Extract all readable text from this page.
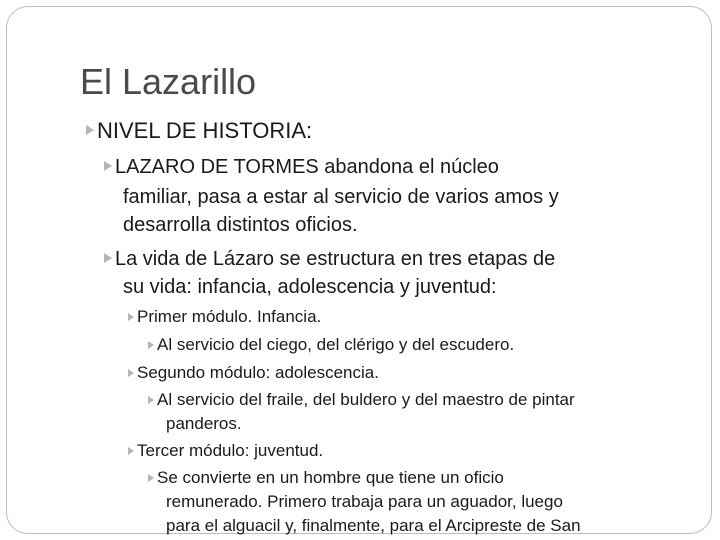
El Lazarillo
NIVEL DE HISTORIA:
LAZARO DE TORMES abandona el núcleo
familiar, pasa a estar al servicio de varios amos y
desarrolla distintos oficios.
La vida de Lázaro se estructura en tres etapas de
su vida: infancia, adolescencia y juventud:
Primer módulo. Infancia.
Al servicio del ciego, del clérigo y del escudero.
Segundo módulo: adolescencia.
Al servicio del fraile, del buldero y del maestro de pintar
panderos.
Tercer módulo: juventud.
Se convierte en un hombre que tiene un oficio
remunerado. Primero trabaja para un aguador, luego
para el alguacil y, finalmente, para el Arcipreste de San
